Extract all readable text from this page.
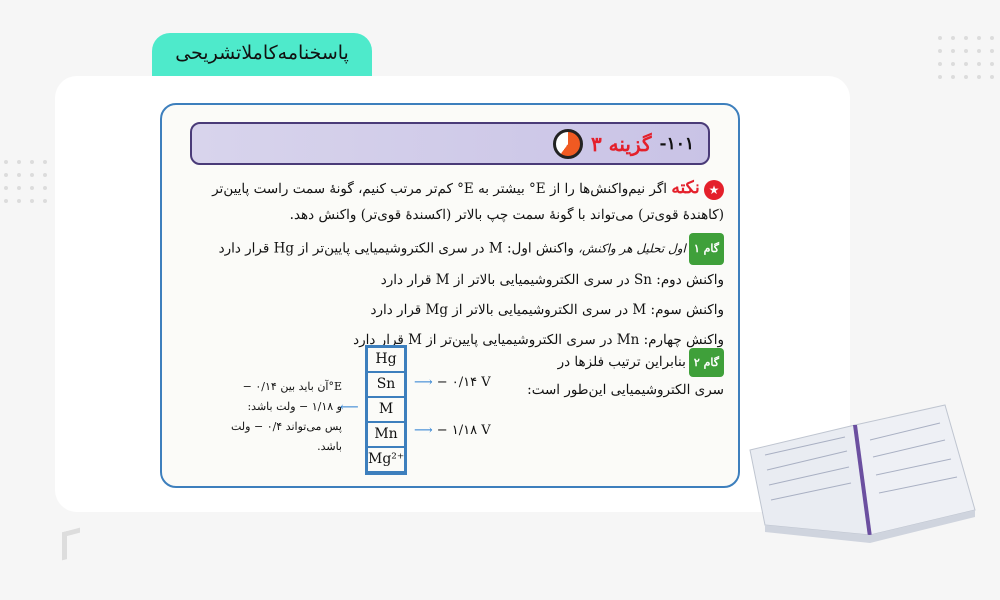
پاسخنامه‌کاملا‌تشریحی
۱۰۱-
گزینه ۳
★ نکته اگر نیم‌واکنش‌ها را از E° بیشتر به E° کم‌تر مرتب کنیم، گونهٔ سمت راست پایین‌تر (کاهندهٔ قوی‌تر) می‌تواند با گونهٔ سمت چپ بالاتر (اکسندهٔ قوی‌تر) واکنش دهد.
گام ۱اول تحلیل هر واکنش، واکنش اول: M در سری الکتروشیمیایی پایین‌تر از Hg قرار دارد
واکنش دوم: Sn در سری الکتروشیمیایی بالاتر از M قرار دارد
واکنش سوم: M در سری الکتروشیمیایی بالاتر از Mg قرار دارد
واکنش چهارم: Mn در سری الکتروشیمیایی پایین‌تر از M قرار دارد
گام ۲بنابراین ترتیب فلزها در
سری الکتروشیمیایی این‌طور است:
Hg
Sn
M
Mn
Mg²⁺
⟶ − ۰/۱۴ V
⟶ − ۱/۱۸ V
⟵
E°آن باید بین ۰/۱۴ −
و ۱/۱۸ − ولت باشد:
پس می‌تواند ۰/۴ − ولت باشد.
